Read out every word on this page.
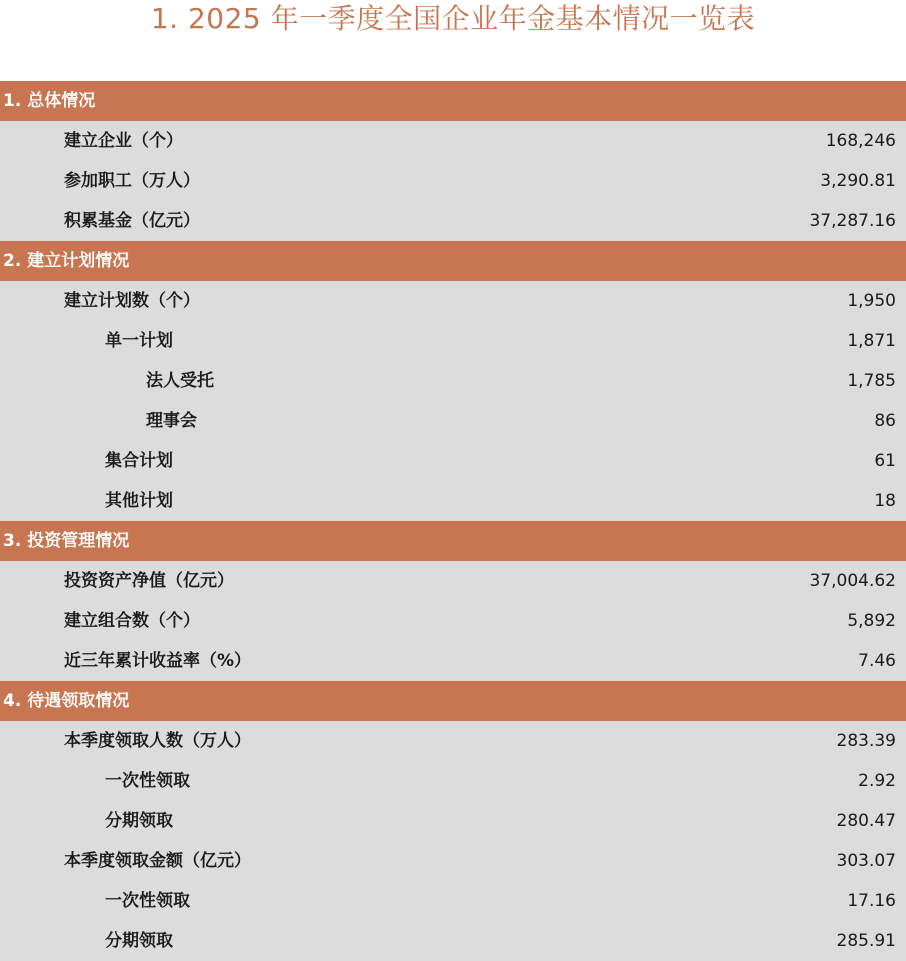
1. 2025 年一季度全国企业年金基本情况一览表
1. 总体情况
建立企业（个）	168,246
参加职工（万人）	3,290.81
积累基金（亿元）	37,287.16
2. 建立计划情况
建立计划数（个）	1,950
单一计划	1,871
法人受托	1,785
理事会	86
集合计划	61
其他计划	18
3. 投资管理情况
投资资产净值（亿元）	37,004.62
建立组合数（个）	5,892
近三年累计收益率（%）	7.46
4. 待遇领取情况
本季度领取人数（万人）	283.39
一次性领取	2.92
分期领取	280.47
本季度领取金额（亿元）	303.07
一次性领取	17.16
分期领取	285.91
